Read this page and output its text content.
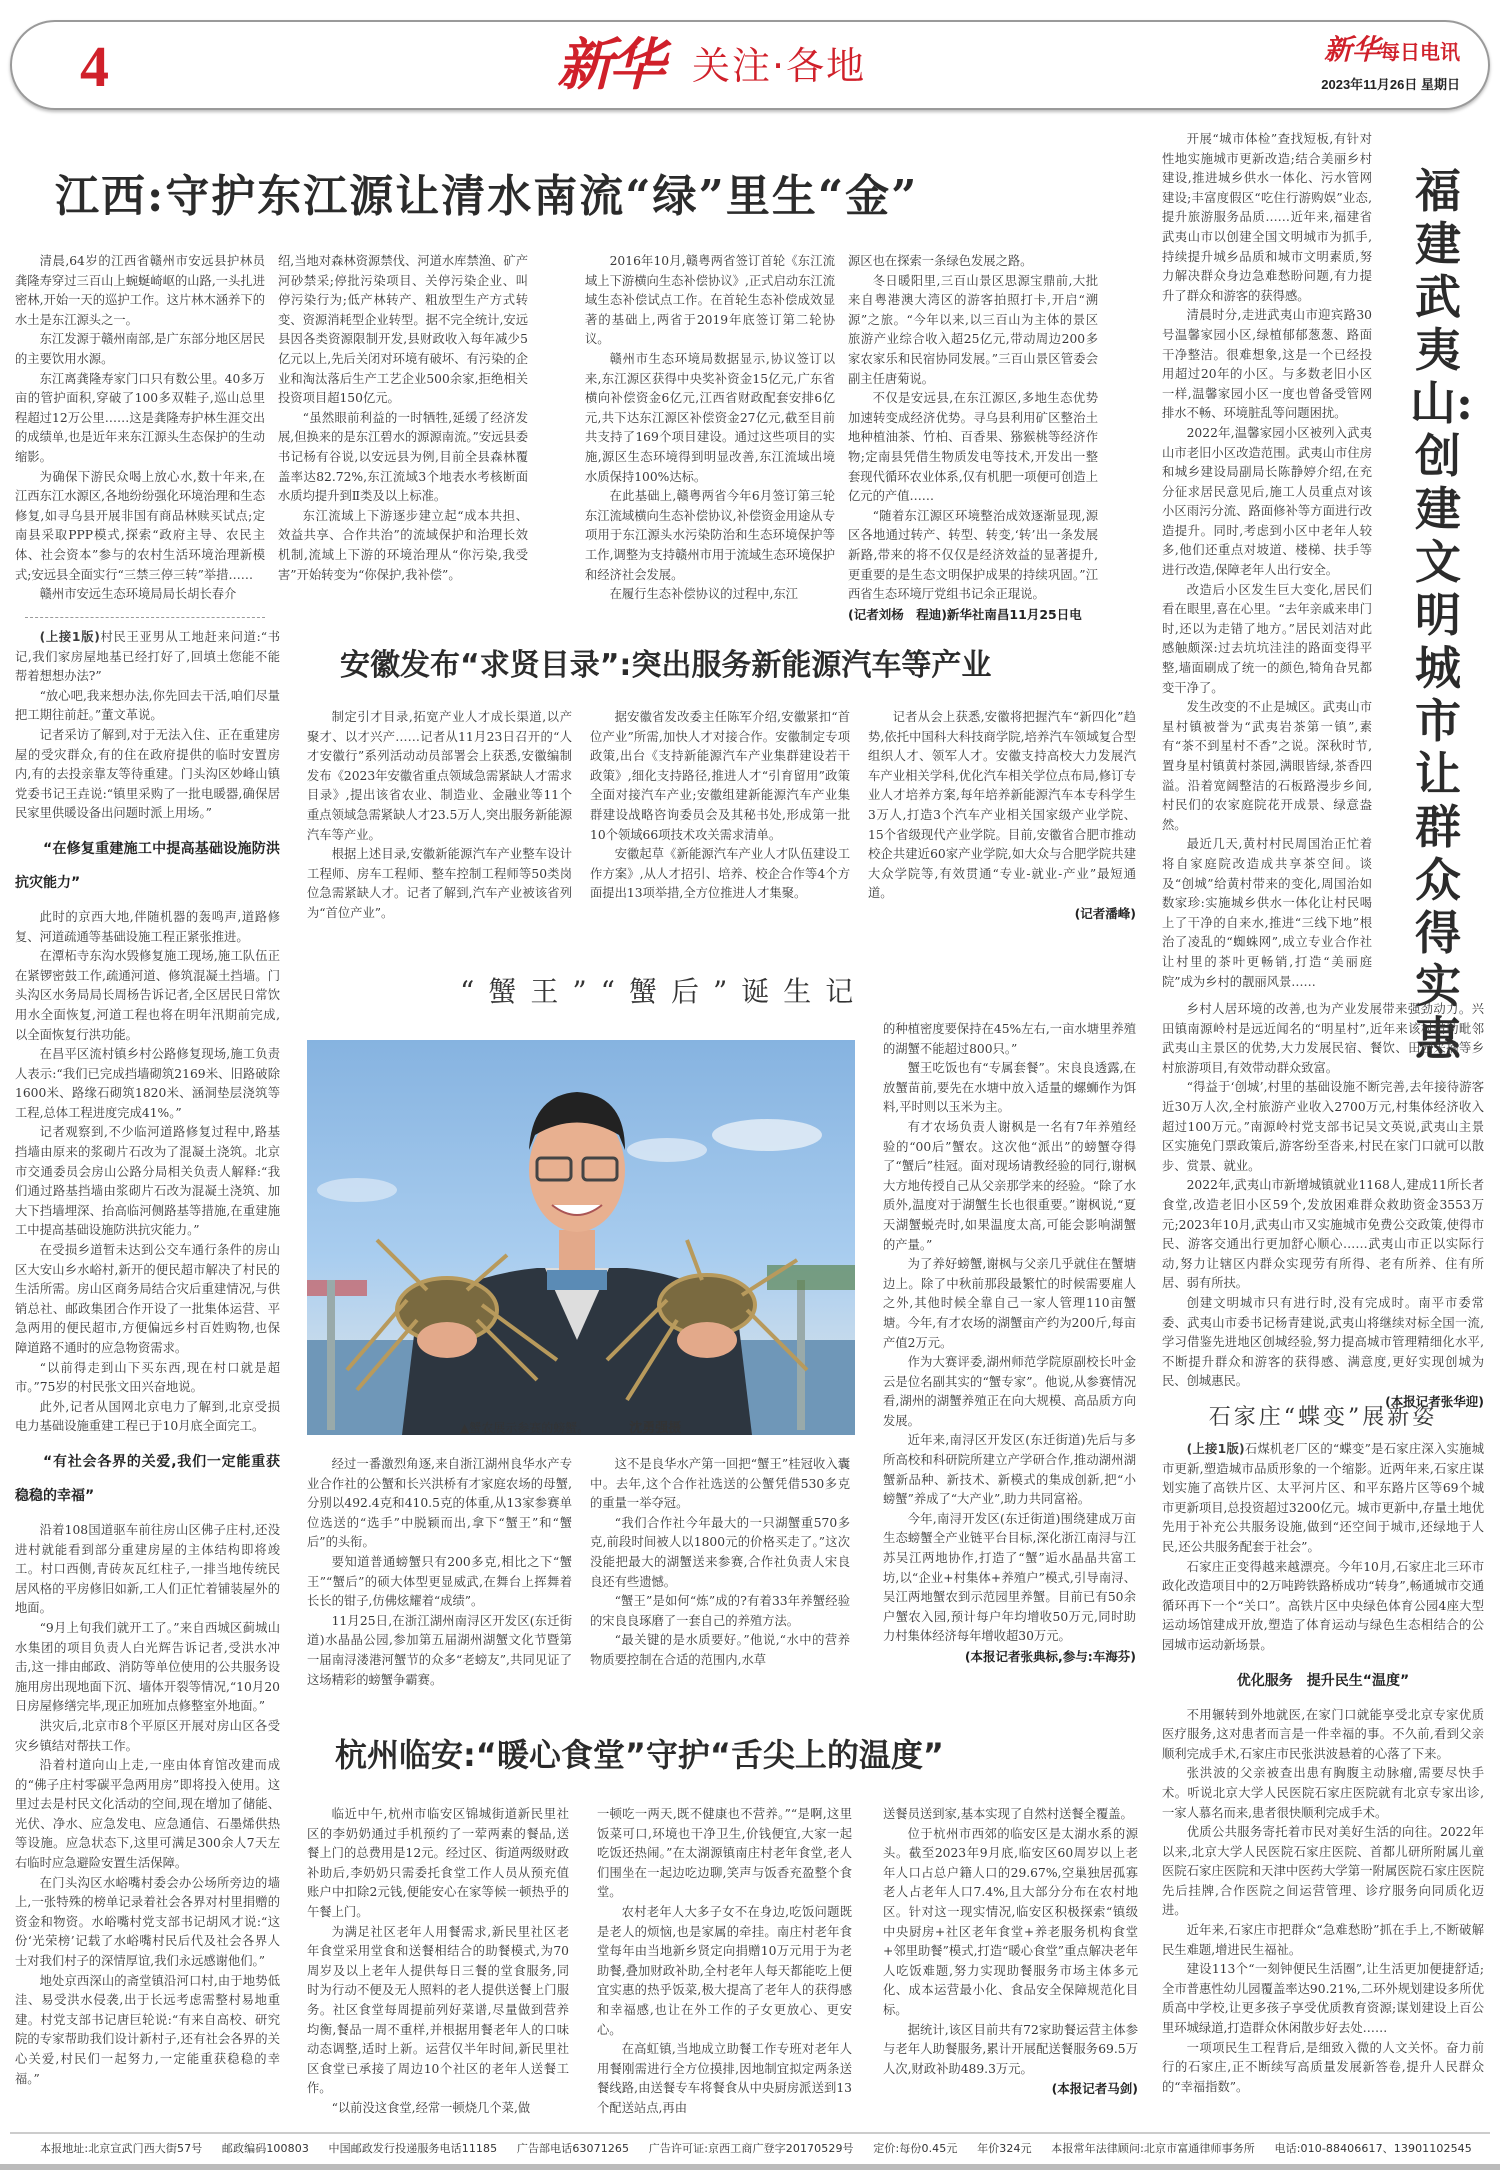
4	新华 关注·各地	新华每日电讯
2023年11月26日 星期日
江西:守护东江源让清水南流“绿”里生“金”

清晨,64岁的江西省赣州市安远县护林员龚隆寿穿过三百山上蜿蜒崎岖的山路,一头扎进密林,开始一天的巡护工作。这片林木涵养下的水土是东江源头之一。

东江发源于赣州南部,是广东部分地区居民的主要饮用水源。

东江离龚隆寿家门口只有数公里。40多万亩的管护面积,穿破了100多双鞋子,巡山总里程超过12万公里……这是龚隆寿护林生涯交出的成绩单,也是近年来东江源头生态保护的生动缩影。

为确保下游民众喝上放心水,数十年来,在江西东江水源区,各地纷纷强化环境治理和生态修复,如寻乌县开展非国有商品林赎买试点;定南县采取PPP模式,探索“政府主导、农民主体、社会资本”参与的农村生活环境治理新模式;安远县全面实行“三禁三停三转”举措……

赣州市安远生态环境局局长胡长春介

绍,当地对森林资源禁伐、河道水库禁渔、矿产河砂禁采;停批污染项目、关停污染企业、叫停污染行为;低产林转产、粗放型生产方式转变、资源消耗型企业转型。据不完全统计,安远县因各类资源限制开发,县财政收入每年减少5亿元以上,先后关闭对环境有破坏、有污染的企业和淘汰落后生产工艺企业500余家,拒绝相关投资项目超150亿元。

“虽然眼前利益的一时牺牲,延缓了经济发展,但换来的是东江碧水的源源南流。”安远县委书记杨有谷说,以安远县为例,目前全县森林覆盖率达82.72%,东江流域3个地表水考核断面水质均提升到Ⅱ类及以上标准。

东江流域上下游逐步建立起“成本共担、效益共享、合作共治”的流域保护和治理长效机制,流域上下游的环境治理从“你污染,我受害”开始转变为“你保护,我补偿”。

2016年10月,赣粤两省签订首轮《东江流域上下游横向生态补偿协议》,正式启动东江流域生态补偿试点工作。在首轮生态补偿成效显著的基础上,两省于2019年底签订第二轮协议。

赣州市生态环境局数据显示,协议签订以来,东江源区获得中央奖补资金15亿元,广东省横向补偿资金6亿元,江西省财政配套安排6亿元,共下达东江源区补偿资金27亿元,截至目前共支持了169个项目建设。通过这些项目的实施,源区生态环境得到明显改善,东江流域出境水质保持100%达标。

在此基础上,赣粤两省今年6月签订第三轮东江流域横向生态补偿协议,补偿资金用途从专项用于东江源头水污染防治和生态环境保护等工作,调整为支持赣州市用于流域生态环境保护和经济社会发展。

在履行生态补偿协议的过程中,东江

源区也在探索一条绿色发展之路。

冬日暖阳里,三百山景区思源宝鼎前,大批来自粤港澳大湾区的游客拍照打卡,开启“溯源”之旅。“今年以来,以三百山为主体的景区旅游产业综合收入超25亿元,带动周边200多家农家乐和民宿协同发展。”三百山景区管委会副主任唐菊说。

不仅是安远县,在东江源区,多地生态优势加速转变成经济优势。寻乌县利用矿区整治土地种植油茶、竹柏、百香果、猕猴桃等经济作物;定南县凭借生物质发电等技术,开发出一整套现代循环农业体系,仅有机肥一项便可创造上亿元的产值……

“随着东江源区环境整治成效逐渐显现,源区各地通过转产、转型、转变,‘转’出一条发展新路,带来的将不仅仅是经济效益的显著提升,更重要的是生态文明保护成果的持续巩固。”江西省生态环境厅党组书记余正琨说。

(记者刘杨　程迪)新华社南昌11月25日电

(上接1版)村民王亚男从工地赶来问道:“书记,我们家房屋地基已经打好了,回填土您能不能帮着想想办法?”

“放心吧,我来想办法,你先回去干活,咱们尽量把工期往前赶。”董文革说。

记者采访了解到,对于无法入住、正在重建房屋的受灾群众,有的住在政府提供的临时安置房内,有的去投亲靠友等待重建。门头沟区妙峰山镇党委书记王垚说:“镇里采购了一批电暖器,确保居民家里供暖设备出问题时派上用场。”

“在修复重建施工中提高基础设施防洪抗灾能力”

此时的京西大地,伴随机器的轰鸣声,道路修复、河道疏通等基础设施工程正紧张推进。

在潭柘寺东沟水毁修复施工现场,施工队伍正在紧锣密鼓工作,疏通河道、修筑混凝土挡墙。门头沟区水务局局长周杨告诉记者,全区居民日常饮用水全面恢复,河道工程也将在明年汛期前完成,以全面恢复行洪功能。

在昌平区流村镇乡村公路修复现场,施工负责人表示:“我们已完成挡墙砌筑2169米、旧路破除1600米、路缘石砌筑1820米、涵洞垫层浇筑等工程,总体工程进度完成41%。”

记者观察到,不少临河道路修复过程中,路基挡墙由原来的浆砌片石改为了混凝土浇筑。北京市交通委员会房山公路分局相关负责人解释:“我们通过路基挡墙由浆砌片石改为混凝土浇筑、加大下挡墙埋深、抬高临河侧路基等措施,在重建施工中提高基础设施防洪抗灾能力。”

在受损乡道暂未达到公交车通行条件的房山区大安山乡水峪村,新开的便民超市解决了村民的生活所需。房山区商务局结合灾后重建情况,与供销总社、邮政集团合作开设了一批集体运营、平急两用的便民超市,方便偏远乡村百姓购物,也保障道路不通时的应急物资需求。

“以前得走到山下买东西,现在村口就是超市。”75岁的村民张文田兴奋地说。

此外,记者从国网北京电力了解到,北京受损电力基础设施重建工程已于10月底全面完工。

“有社会各界的关爱,我们一定能重获稳稳的幸福”

沿着108国道驱车前往房山区佛子庄村,还没进村就能看到部分重建房屋的主体结构即将竣工。村口西侧,青砖灰瓦红柱子,一排当地传统民居风格的平房修旧如新,工人们正忙着铺装屋外的地面。

“9月上旬我们就开工了。”来自西城区蓟城山水集团的项目负责人白光辉告诉记者,受洪水冲击,这一排由邮政、消防等单位使用的公共服务设施用房出现地面下沉、墙体开裂等情况,“10月20日房屋修缮完毕,现正加班加点修整室外地面。”

洪灾后,北京市8个平原区开展对房山区各受灾乡镇结对帮扶工作。

沿着村道向山上走,一座由体育馆改建而成的“佛子庄村零碳平急两用房”即将投入使用。这里过去是村民文化活动的空间,现在增加了储能、光伏、净水、应急发电、应急通信、石墨烯供热等设施。应急状态下,这里可满足300余人7天左右临时应急避险安置生活保障。

在门头沟区水峪嘴村委会办公场所旁边的墙上,一张特殊的榜单记录着社会各界对村里捐赠的资金和物资。水峪嘴村党支部书记胡风才说:“这份‘光荣榜’记载了水峪嘴村民后代及社会各界人士对我们村子的深情厚谊,我们永远感谢他们。”

地处京西深山的斋堂镇沿河口村,由于地势低洼、易受洪水侵袭,出于长远考虑需整村易地重建。村党支部书记唐巨轮说:“有来自高校、研究院的专家帮助我们设计新村子,还有社会各界的关心关爱,村民们一起努力,一定能重获稳稳的幸福。”

安徽发布“求贤目录”:突出服务新能源汽车等产业

制定引才目录,拓宽产业人才成长渠道,以产聚才、以才兴产……记者从11月23日召开的“人才安徽行”系列活动动员部署会上获悉,安徽编制发布《2023年安徽省重点领域急需紧缺人才需求目录》,提出该省农业、制造业、金融业等11个重点领域急需紧缺人才23.5万人,突出服务新能源汽车等产业。

根据上述目录,安徽新能源汽车产业整车设计工程师、房车工程师、整车控制工程师等50类岗位急需紧缺人才。记者了解到,汽车产业被该省列为“首位产业”。

据安徽省发改委主任陈军介绍,安徽紧扣“首位产业”所需,加快人才对接合作。安徽制定专项政策,出台《支持新能源汽车产业集群建设若干政策》,细化支持路径,推进人才“引育留用”政策全面对接汽车产业;安徽组建新能源汽车产业集群建设战略咨询委员会及其秘书处,形成第一批10个领域66项技术攻关需求清单。

安徽起草《新能源汽车产业人才队伍建设工作方案》,从人才招引、培养、校企合作等4个方面提出13项举措,全方位推进人才集聚。

记者从会上获悉,安徽将把握汽车“新四化”趋势,依托中国科大科技商学院,培养汽车领域复合型组织人才、领军人才。安徽支持高校大力发展汽车产业相关学科,优化汽车相关学位点布局,修订专业人才培养方案,每年培养新能源汽车本专科学生3万人,打造3个汽车产业相关国家级产业学院、15个省级现代产业学院。目前,安徽省合肥市推动校企共建近60家产业学院,如大众与合肥学院共建大众学院等,有效贯通“专业-就业-产业”最短通道。

(记者潘峰)

“蟹王”“蟹后”诞生记
▲蟹农展示参赛的螃蟹。	沈勇强摄

经过一番激烈角逐,来自浙江湖州良华水产专业合作社的公蟹和长兴洪桥有才家庭农场的母蟹,分别以492.4克和410.5克的体重,从13家参赛单位选送的“选手”中脱颖而出,拿下“蟹王”和“蟹后”的头衔。

要知道普通螃蟹只有200多克,相比之下“蟹王”“蟹后”的硕大体型更显威武,在舞台上挥舞着长长的钳子,仿佛炫耀着“成绩”。

11月25日,在浙江湖州南浔区开发区(东迁街道)水晶晶公园,参加第五届湖州湖蟹文化节暨第一届南浔溇港河蟹节的众多“老螃友”,共同见证了这场精彩的螃蟹争霸赛。

这不是良华水产第一回把“蟹王”桂冠收入囊中。去年,这个合作社选送的公蟹凭借530多克的重量一举夺冠。

“我们合作社今年最大的一只湖蟹重570多克,前段时间被人以1800元的价格买走了。”这次没能把最大的湖蟹送来参赛,合作社负责人宋良良还有些遗憾。

“蟹王”是如何“炼”成的?有着33年养蟹经验的宋良良琢磨了一套自己的养殖方法。

“最关键的是水质要好。”他说,“水中的营养物质要控制在合适的范围内,水草

的种植密度要保持在45%左右,一亩水塘里养殖的湖蟹不能超过800只。”

蟹王吃饭也有“专属套餐”。宋良良透露,在放蟹苗前,要先在水塘中放入适量的螺蛳作为饵料,平时则以玉米为主。

有才农场负责人谢枫是一名有7年养殖经验的“00后”蟹农。这次他“派出”的螃蟹夺得了“蟹后”桂冠。面对现场请教经验的同行,谢枫大方地传授自己从父亲那学来的经验。“除了水质外,温度对于湖蟹生长也很重要。”谢枫说,“夏天湖蟹蜕壳时,如果温度太高,可能会影响湖蟹的产量。”

为了养好螃蟹,谢枫与父亲几乎就住在蟹塘边上。除了中秋前那段最繁忙的时候需要雇人之外,其他时候全靠自己一家人管理110亩蟹塘。今年,有才农场的湖蟹亩产约为200斤,每亩产值2万元。

作为大赛评委,湖州师范学院原副校长叶金云是位名副其实的“蟹专家”。他说,从参赛情况看,湖州的湖蟹养殖正在向大规模、高品质方向发展。

近年来,南浔区开发区(东迁街道)先后与多所高校和科研院所建立产学研合作,推动湖州湖蟹新品种、新技术、新模式的集成创新,把“小螃蟹”养成了“大产业”,助力共同富裕。

今年,南浔开发区(东迁街道)围绕建成万亩生态螃蟹全产业链平台目标,深化浙江南浔与江苏吴江两地协作,打造了“蟹”逅水晶晶共富工坊,以“企业+村集体+养殖户”模式,引导南浔、吴江两地蟹农到示范园里养蟹。目前已有50余户蟹农入园,预计每户年均增收50万元,同时助力村集体经济每年增收超30万元。

(本报记者张典标,参与:车海芬)

杭州临安:“暖心食堂”守护“舌尖上的温度”

临近中午,杭州市临安区锦城街道新民里社区的李奶奶通过手机预约了一荤两素的餐品,送餐上门的总费用是12元。经过区、街道两级财政补助后,李奶奶只需委托食堂工作人员从预充值账户中扣除2元钱,便能安心在家等候一顿热乎的午餐上门。

为满足社区老年人用餐需求,新民里社区老年食堂采用堂食和送餐相结合的助餐模式,为70周岁及以上老年人提供每日三餐的堂食服务,同时为行动不便及无人照料的老人提供送餐上门服务。社区食堂每周提前列好菜谱,尽量做到营养均衡,餐品一周不重样,并根据用餐老年人的口味动态调整,适时上新。运营仅半年时间,新民里社区食堂已承接了周边10个社区的老年人送餐工作。

“以前没这食堂,经常一顿烧几个菜,做

一顿吃一两天,既不健康也不营养。”“是啊,这里饭菜可口,环境也干净卫生,价钱便宜,大家一起吃饭还热闹。”在太湖源镇南庄村老年食堂,老人们围坐在一起边吃边聊,笑声与饭香充盈整个食堂。

农村老年人大多子女不在身边,吃饭问题既是老人的烦恼,也是家属的牵挂。南庄村老年食堂每年由当地新乡贤定向捐赠10万元用于为老助餐,叠加财政补助,全村老年人每天都能吃上便宜实惠的热乎饭菜,极大提高了老年人的获得感和幸福感,也让在外工作的子女更放心、更安心。

在高虹镇,当地成立助餐工作专班对老年人用餐刚需进行全方位摸排,因地制宜拟定两条送餐线路,由送餐专车将餐食从中央厨房派送到13个配送站点,再由

送餐员送到家,基本实现了自然村送餐全覆盖。

位于杭州市西郊的临安区是太湖水系的源头。截至2023年9月底,临安区60周岁以上老年人口占总户籍人口的29.67%,空巢独居孤寡老人占老年人口7.4%,且大部分分布在农村地区。针对这一现实情况,临安区积极探索“镇级中央厨房+社区老年食堂+养老服务机构食堂+邻里助餐”模式,打造“暖心食堂”重点解决老年人吃饭难题,努力实现助餐服务市场主体多元化、成本运营最小化、食品安全保障规范化目标。

据统计,该区目前共有72家助餐运营主体参与老年人助餐服务,累计开展配送餐服务69.5万人次,财政补助489.3万元。

(本报记者马剑)

开展“城市体检”查找短板,有针对性地实施城市更新改造;结合美丽乡村建设,推进城乡供水一体化、污水管网建设;丰富度假区“吃住行游购娱”业态,提升旅游服务品质……近年来,福建省武夷山市以创建全国文明城市为抓手,持续提升城乡品质和城市文明素质,努力解决群众身边急难愁盼问题,有力提升了群众和游客的获得感。

清晨时分,走进武夷山市迎宾路30号温馨家园小区,绿植郁郁葱葱、路面干净整洁。很难想象,这是一个已经投用超过20年的小区。与多数老旧小区一样,温馨家园小区一度也曾备受管网排水不畅、环境脏乱等问题困扰。

2022年,温馨家园小区被列入武夷山市老旧小区改造范围。武夷山市住房和城乡建设局副局长陈静婷介绍,在充分征求居民意见后,施工人员重点对该小区雨污分流、路面修补等方面进行改造提升。同时,考虑到小区中老年人较多,他们还重点对坡道、楼梯、扶手等进行改造,保障老年人出行安全。

改造后小区发生巨大变化,居民们看在眼里,喜在心里。“去年亲戚来串门时,还以为走错了地方。”居民刘洁对此感触颇深:过去坑坑洼洼的路面变得平整,墙面刷成了统一的颜色,犄角旮旯都变干净了。

发生改变的不止是城区。武夷山市星村镇被誉为“武夷岩茶第一镇”,素有“茶不到星村不香”之说。深秋时节,置身星村镇黄村茶园,满眼皆绿,茶香四溢。沿着宽阔整洁的石板路漫步乡间,村民们的农家庭院花开成景、绿意盎然。

最近几天,黄村村民周国治正忙着将自家庭院改造成共享茶空间。谈及“创城”给黄村带来的变化,周国治如数家珍:实施城乡供水一体化让村民喝上了干净的自来水,推进“三线下地”根治了凌乱的“蜘蛛网”,成立专业合作社让村里的茶叶更畅销,打造“美丽庭院”成为乡村的靓丽风景……

福建武夷山:创建文明城市让群众得实惠

乡村人居环境的改善,也为产业发展带来强劲动力。兴田镇南源岭村是远近闻名的“明星村”,近年来该村借助毗邻武夷山主景区的优势,大力发展民宿、餐饮、田园采摘等乡村旅游项目,有效带动群众致富。

“得益于‘创城’,村里的基础设施不断完善,去年接待游客近30万人次,全村旅游产业收入2700万元,村集体经济收入超过100万元。”南源岭村党支部书记吴文英说,武夷山主景区实施免门票政策后,游客纷至沓来,村民在家门口就可以散步、赏景、就业。

2022年,武夷山市新增城镇就业1168人,建成11所长者食堂,改造老旧小区59个,发放困难群众救助资金3553万元;2023年10月,武夷山市又实施城市免费公交政策,使得市民、游客交通出行更加舒心顺心……武夷山市正以实际行动,努力让辖区内群众实现劳有所得、老有所养、住有所居、弱有所扶。

创建文明城市只有进行时,没有完成时。南平市委常委、武夷山市委书记杨青建说,武夷山将继续对标全国一流,学习借鉴先进地区创城经验,努力提高城市管理精细化水平,不断提升群众和游客的获得感、满意度,更好实现创城为民、创城惠民。

(本报记者张华迎)

石家庄“蝶变”展新姿

(上接1版)石煤机老厂区的“蝶变”是石家庄深入实施城市更新,塑造城市品质形象的一个缩影。近两年来,石家庄谋划实施了高铁片区、太平河片区、和平东路片区等69个城市更新项目,总投资超过3200亿元。城市更新中,存量土地优先用于补充公共服务设施,做到“还空间于城市,还绿地于人民,还公共服务配套于社会”。

石家庄正变得越来越漂亮。今年10月,石家庄北三环市政化改造项目中的2万吨跨铁路桥成功“转身”,畅通城市交通循环再下一个“关口”。高铁片区中央绿色体育公园4座大型运动场馆建成开放,塑造了体育运动与绿色生态相结合的公园城市运动新场景。

优化服务　提升民生“温度”

不用辗转到外地就医,在家门口就能享受北京专家优质医疗服务,这对患者而言是一件幸福的事。不久前,看到父亲顺利完成手术,石家庄市民张洪波悬着的心落了下来。

张洪波的父亲被查出患有胸腹主动脉瘤,需要尽快手术。听说北京大学人民医院石家庄医院就有北京专家出诊,一家人慕名而来,患者很快顺利完成手术。

优质公共服务寄托着市民对美好生活的向往。2022年以来,北京大学人民医院石家庄医院、首都儿研所附属儿童医院石家庄医院和天津中医药大学第一附属医院石家庄医院先后挂牌,合作医院之间运营管理、诊疗服务向同质化迈进。

近年来,石家庄市把群众“急难愁盼”抓在手上,不断破解民生难题,增进民生福祉。

建设113个“一刻钟便民生活圈”,让生活更加便捷舒适;全市普惠性幼儿园覆盖率达90.21%,二环外规划建设多所优质高中学校,让更多孩子享受优质教育资源;谋划建设上百公里环城绿道,打造群众休闲散步好去处……

一项项民生工程背后,是细致入微的人文关怀。奋力前行的石家庄,正不断续写高质量发展新答卷,提升人民群众的“幸福指数”。

本报地址:北京宣武门西大街57号 邮政编码100803 中国邮政发行投递服务电话11185 广告部电话63071265 广告许可证:京西工商广登字20170529号 定价:每份0.45元 年价324元 本报常年法律顾问:北京市富通律师事务所 电话:010-88406617、13901102545
